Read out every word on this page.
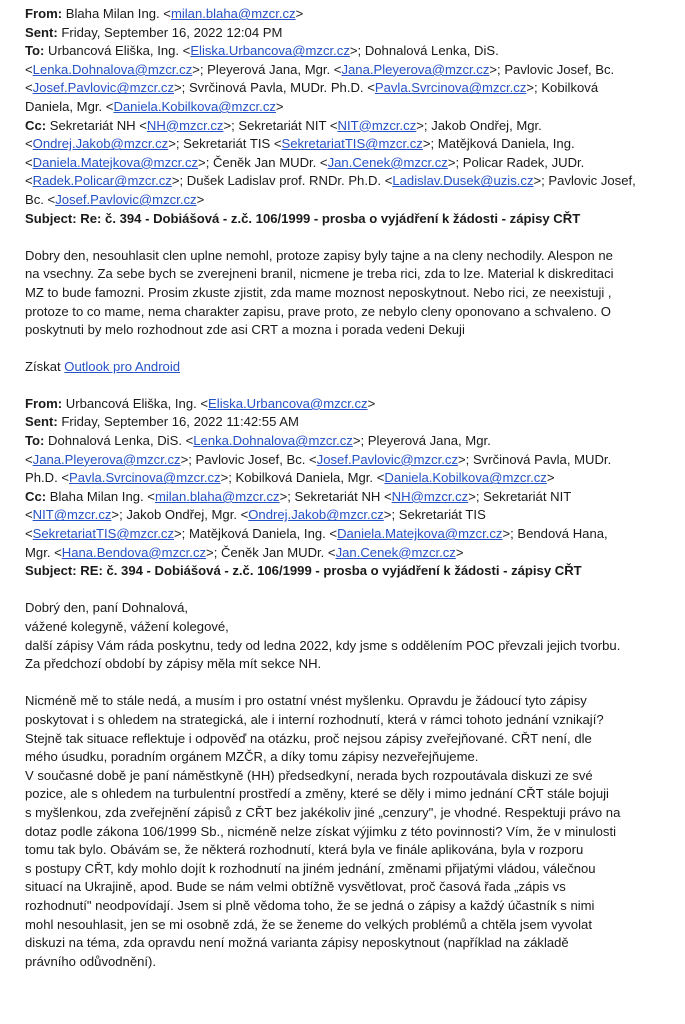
From: Blaha Milan Ing. <milan.blaha@mzcr.cz>
Sent: Friday, September 16, 2022 12:04 PM
To: Urbancová Eliška, Ing. <Eliska.Urbancova@mzcr.cz>; Dohnalová Lenka, DiS.
<Lenka.Dohnalova@mzcr.cz>; Pleyerová Jana, Mgr. <Jana.Pleyerova@mzcr.cz>; Pavlovic Josef, Bc.
<Josef.Pavlovic@mzcr.cz>; Svrčinová Pavla, MUDr. Ph.D. <Pavla.Svrcinova@mzcr.cz>; Kobilková
Daniela, Mgr. <Daniela.Kobilkova@mzcr.cz>
Cc: Sekretariát NH <NH@mzcr.cz>; Sekretariát NIT <NIT@mzcr.cz>; Jakob Ondřej, Mgr.
<Ondrej.Jakob@mzcr.cz>; Sekretariát TIS <SekretariatTIS@mzcr.cz>; Matějková Daniela, Ing.
<Daniela.Matejkova@mzcr.cz>; Čeněk Jan MUDr. <Jan.Cenek@mzcr.cz>; Policar Radek, JUDr.
<Radek.Policar@mzcr.cz>; Dušek Ladislav prof. RNDr. Ph.D. <Ladislav.Dusek@uzis.cz>; Pavlovic Josef,
Bc. <Josef.Pavlovic@mzcr.cz>
Subject: Re: č. 394 - Dobiášová - z.č. 106/1999 - prosba o vyjádření k žádosti - zápisy CŘT
Dobry den, nesouhlasit clen uplne nemohl, protoze zapisy byly tajne a na cleny nechodily. Alespon ne
na vsechny. Za sebe bych se zverejneni branil, nicmene je treba rici, zda to lze. Material k diskreditaci
MZ to bude famozni. Prosim zkuste zjistit, zda mame moznost neposkytnout. Nebo rici, ze neexistuji ,
protoze to co mame, nema charakter zapisu, prave proto, ze nebylo cleny oponovano a schvaleno. O
poskytnuti by melo rozhodnout zde asi CRT a mozna i porada vedeni Dekuji
Získat Outlook pro Android
From: Urbancová Eliška, Ing. <Eliska.Urbancova@mzcr.cz>
Sent: Friday, September 16, 2022 11:42:55 AM
To: Dohnalová Lenka, DiS. <Lenka.Dohnalova@mzcr.cz>; Pleyerová Jana, Mgr.
<Jana.Pleyerova@mzcr.cz>; Pavlovic Josef, Bc. <Josef.Pavlovic@mzcr.cz>; Svrčinová Pavla, MUDr.
Ph.D. <Pavla.Svrcinova@mzcr.cz>; Kobilková Daniela, Mgr. <Daniela.Kobilkova@mzcr.cz>
Cc: Blaha Milan Ing. <milan.blaha@mzcr.cz>; Sekretariát NH <NH@mzcr.cz>; Sekretariát NIT
<NIT@mzcr.cz>; Jakob Ondřej, Mgr. <Ondrej.Jakob@mzcr.cz>; Sekretariát TIS
<SekretariatTIS@mzcr.cz>; Matějková Daniela, Ing. <Daniela.Matejkova@mzcr.cz>; Bendová Hana,
Mgr. <Hana.Bendova@mzcr.cz>; Čeněk Jan MUDr. <Jan.Cenek@mzcr.cz>
Subject: RE: č. 394 - Dobiášová - z.č. 106/1999 - prosba o vyjádření k žádosti - zápisy CŘT
Dobrý den, paní Dohnalová,
vážené kolegyně, vážení kolegové,
další zápisy Vám ráda poskytnu, tedy od ledna 2022, kdy jsme s oddělením POC převzali jejich tvorbu.
Za předchozí období by zápisy měla mít sekce NH.
Nicméně mě to stále nedá, a musím i pro ostatní vnést myšlenku. Opravdu je žádoucí tyto zápisy
poskytovat i s ohledem na strategická, ale i interní rozhodnutí, která v rámci tohoto jednání vznikají?
Stejně tak situace reflektuje i odpověď na otázku, proč nejsou zápisy zveřejňované. CŘT není, dle
mého úsudku, poradním orgánem MZČR, a díky tomu zápisy nezveřejňujeme.
V současné době je paní náměstkyně (HH) předsedkyní, nerada bych rozpoutávala diskuzi ze své
pozice, ale s ohledem na turbulentní prostředí a změny, které se děly i mimo jednání CŘT stále bojuji
s myšlenkou, zda zveřejnění zápisů z CŘT bez jakékoliv jiné „cenzury", je vhodné. Respektuji právo na
dotaz podle zákona 106/1999 Sb., nicméně nelze získat výjimku z této povinnosti? Vím, že v minulosti
tomu tak bylo. Obávám se, že některá rozhodnutí, která byla ve finále aplikována, byla v rozporu
s postupy CŘT, kdy mohlo dojít k rozhodnutí na jiném jednání, změnami přijatými vládou, válečnou
situací na Ukrajině, apod. Bude se nám velmi obtížně vysvětlovat, proč časová řada „zápis vs
rozhodnutí" neodpovídají. Jsem si plně vědoma toho, že se jedná o zápisy a každý účastník s nimi
mohl nesouhlasit, jen se mi osobně zdá, že se ženeme do velkých problémů a chtěla jsem vyvolat
diskuzi na téma, zda opravdu není možná varianta zápisy neposkytnout (například na základě
právního odůvodnění).
